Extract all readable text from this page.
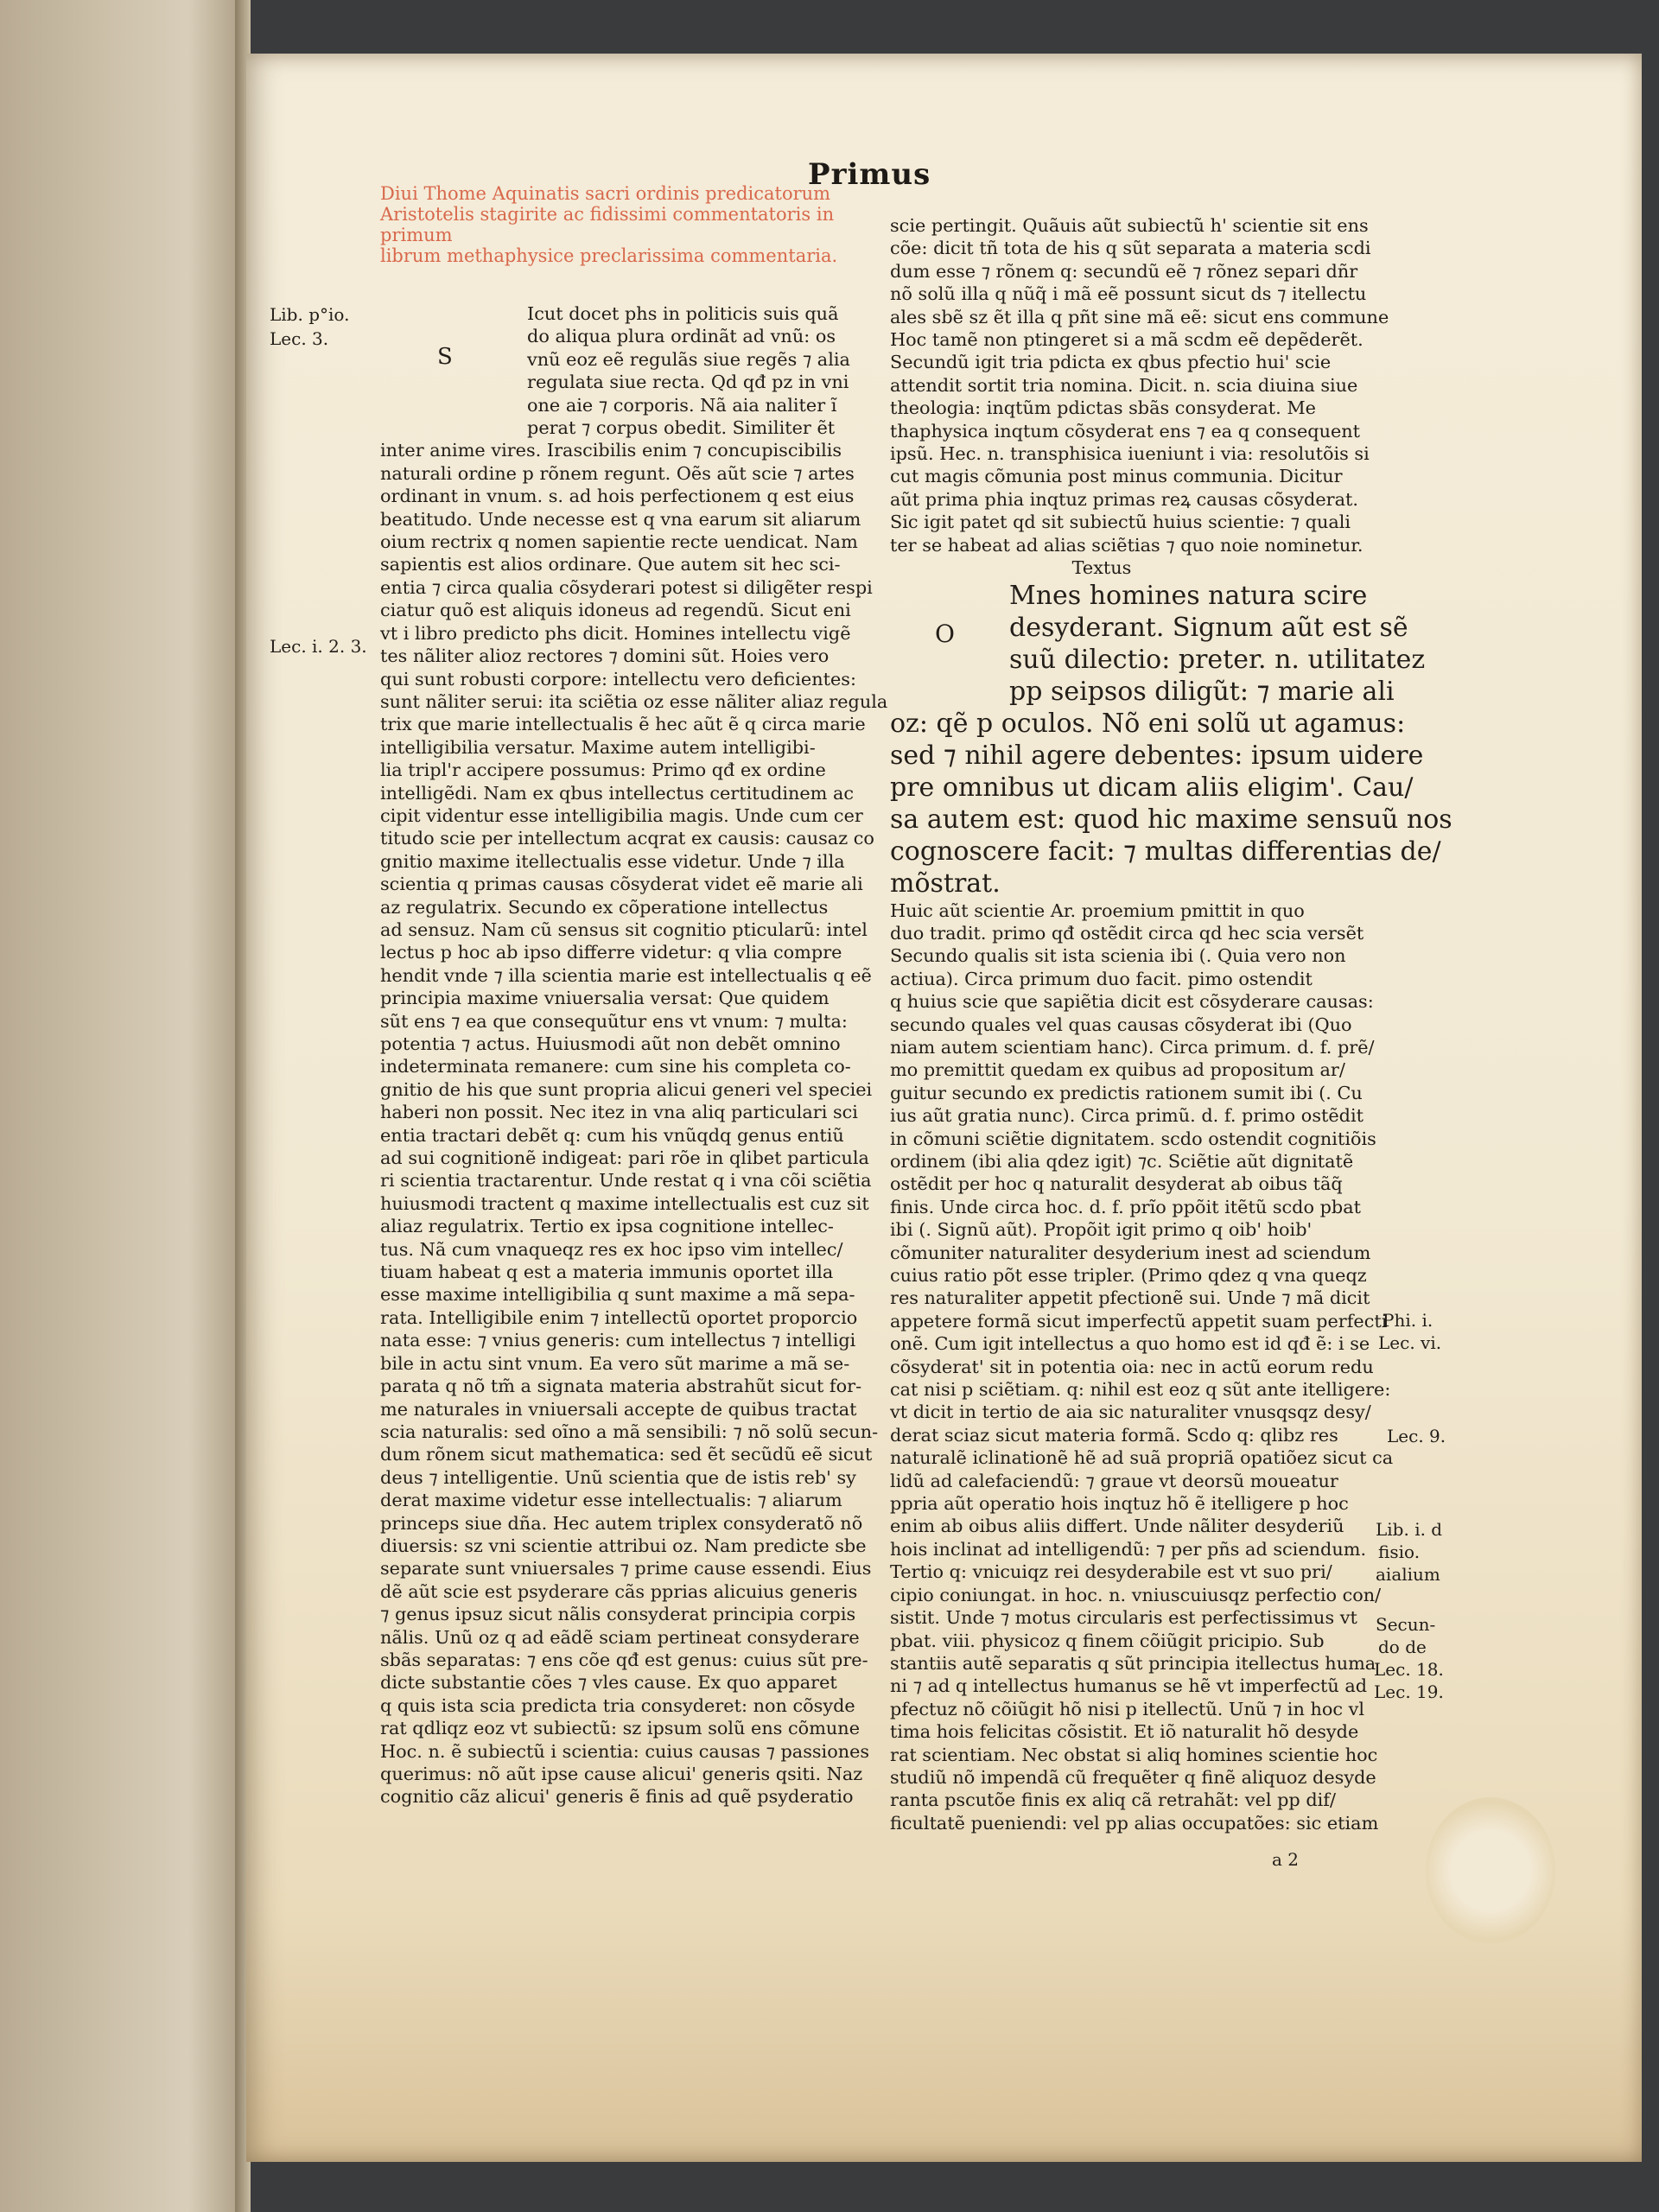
Primus

Diui Thome Aquinatis sacri ordinis predicatorum
Aristotelis stagirite ac fidissimi commentatoris in primum
librum methaphysice preclarissima commentaria.
S
O
Icut docet phs in politicis suis quã
do aliqua plura ordinãt ad vnũ: os
vnũ eoz eẽ regulãs siue regẽs ⁊ alia
regulata siue recta. Qd qđ pz in vni
one aie ⁊ corporis. Nã aia naliter ĩ
perat ⁊ corpus obedit. Similiter ẽt
inter anime vires. Irascibilis enim ⁊ concupiscibilis
naturali ordine p rõnem regunt. Oẽs aũt scie ⁊ artes
ordinant in vnum. s. ad hois perfectionem q est eius
beatitudo. Unde necesse est q vna earum sit aliarum
oium rectrix q nomen sapientie recte uendicat. Nam
sapientis est alios ordinare. Que autem sit hec sci-
entia ⁊ circa qualia cõsyderari potest si diligẽter respi
ciatur quõ est aliquis idoneus ad regendũ. Sicut eni
vt i libro predicto phs dicit. Homines intellectu vigẽ
tes nãliter alioz rectores ⁊ domini sũt. Hoies vero
qui sunt robusti corpore: intellectu vero deficientes:
sunt nãliter serui: ita sciẽtia oz esse nãliter aliaz regula
trix que marie intellectualis ẽ hec aũt ẽ q circa marie
intelligibilia versatur. Maxime autem intelligibi-
lia tripl'r accipere possumus: Primo qđ ex ordine
intelligẽdi. Nam ex qbus intellectus certitudinem ac
cipit videntur esse intelligibilia magis. Unde cum cer
titudo scie per intellectum acqrat ex causis: causaz co
gnitio maxime itellectualis esse videtur. Unde ⁊ illa
scientia q primas causas cõsyderat videt eẽ marie ali
az regulatrix. Secundo ex cõperatione intellectus
ad sensuz. Nam cũ sensus sit cognitio pticularũ: intel
lectus p hoc ab ipso differre videtur: q vlia compre
hendit vnde ⁊ illa scientia marie est intellectualis q eẽ
principia maxime vniuersalia versat: Que quidem
sũt ens ⁊ ea que consequũtur ens vt vnum: ⁊ multa:
potentia ⁊ actus. Huiusmodi aũt non debẽt omnino
indeterminata remanere: cum sine his completa co-
gnitio de his que sunt propria alicui generi vel speciei
haberi non possit. Nec itez in vna aliq particulari sci
entia tractari debẽt q: cum his vnũqdq genus entiũ
ad sui cognitionẽ indigeat: pari rõe in qlibet particula
ri scientia tractarentur. Unde restat q i vna cõi sciẽtia
huiusmodi tractent q maxime intellectualis est cuz sit
aliaz regulatrix. Tertio ex ipsa cognitione intellec-
tus. Nã cum vnaqueqz res ex hoc ipso vim intellec/
tiuam habeat q est a materia immunis oportet illa
esse maxime intelligibilia q sunt maxime a mã sepa-
rata. Intelligibile enim ⁊ intellectũ oportet proporcio
nata esse: ⁊ vnius generis: cum intellectus ⁊ intelligi
bile in actu sint vnum. Ea vero sũt marime a mã se-
parata q nõ tm̃ a signata materia abstrahũt sicut for-
me naturales in vniuersali accepte de quibus tractat
scia naturalis: sed oĩno a mã sensibili: ⁊ nõ solũ secun-
dum rõnem sicut mathematica: sed ẽt secũdũ eẽ sicut
deus ⁊ intelligentie. Unũ scientia que de istis reb' sy
derat maxime videtur esse intellectualis: ⁊ aliarum
princeps siue dña. Hec autem triplex consyderatõ nõ
diuersis: sz vni scientie attribui oz. Nam predicte sbe
separate sunt vniuersales ⁊ prime cause essendi. Eius
dẽ aũt scie est psyderare cãs pprias alicuius generis
⁊ genus ipsuz sicut nãlis consyderat principia corpis
nãlis. Unũ oz q ad eãdẽ sciam pertineat consyderare
sbãs separatas: ⁊ ens cõe qđ est genus: cuius sũt pre-
dicte substantie cões ⁊ vles cause. Ex quo apparet
q quis ista scia predicta tria consyderet: non cõsyde
rat qdliqz eoz vt subiectũ: sz ipsum solũ ens cõmune
Hoc. n. ẽ subiectũ i scientia: cuius causas ⁊ passiones
querimus: nõ aũt ipse cause alicui' generis qsiti. Naz
cognitio cãz alicui' generis ẽ finis ad quẽ psyderatio
scie pertingit. Quãuis aũt subiectũ h' scientie sit ens
cõe: dicit tñ tota de his q sũt separata a materia scdi
dum esse ⁊ rõnem q: secundũ eẽ ⁊ rõnez separi dñr
nõ solũ illa q nũq̃ i mã eẽ possunt sicut ds ⁊ itellectu
ales sbẽ sz ẽt illa q pñt sine mã eẽ: sicut ens commune
Hoc tamẽ non ptingeret si a mã scdm eẽ depẽderẽt.
Secundũ igit tria pdicta ex qbus pfectio hui' scie
attendit sortit tria nomina. Dicit. n. scia diuina siue
theologia: inqtũm pdictas sbãs consyderat. Me
thaphysica inqtum cõsyderat ens ⁊ ea q consequent
ipsũ. Hec. n. transphisica iueniunt i via: resolutõis si
cut magis cõmunia post minus communia. Dicitur
aũt prima phia inqtuz primas reꝝ causas cõsyderat.
Sic igit patet qd sit subiectũ huius scientie: ⁊ quali
ter se habeat ad alias sciẽtias ⁊ quo noie nominetur.
Textus
Mnes homines natura scire
desyderant. Signum aũt est sẽ
suũ dilectio: preter. n. utilitatez
pp seipsos diligũt: ⁊ marie ali
oz: qẽ p oculos. Nõ eni solũ ut agamus:
sed ⁊ nihil agere debentes: ipsum uidere
pre omnibus ut dicam aliis eligim'. Cau/
sa autem est: quod hic maxime sensuũ nos
cognoscere facit: ⁊ multas differentias de/
mõstrat.
Huic aũt scientie Ar. proemium pmittit in quo
duo tradit. primo qđ ostẽdit circa qd hec scia versẽt
Secundo qualis sit ista scienia ibi (. Quia vero non
actiua). Circa primum duo facit. pimo ostendit
q huius scie que sapiẽtia dicit est cõsyderare causas:
secundo quales vel quas causas cõsyderat ibi (Quo
niam autem scientiam hanc). Circa primum. d. f. prẽ/
mo premittit quedam ex quibus ad propositum ar/
guitur secundo ex predictis rationem sumit ibi (. Cu
ius aũt gratia nunc). Circa primũ. d. f. primo ostẽdit
in cõmuni sciẽtie dignitatem. scdo ostendit cognitiõis
ordinem (ibi alia qdez igit) ⁊c. Sciẽtie aũt dignitatẽ
ostẽdit per hoc q naturalit desyderat ab oibus tãq̃
finis. Unde circa hoc. d. f. prĩo ppõit itẽtũ scdo pbat
ibi (. Signũ aũt). Propõit igit primo q oib' hoib'
cõmuniter naturaliter desyderium inest ad sciendum
cuius ratio põt esse tripler. (Primo qdez q vna queqz
res naturaliter appetit pfectionẽ sui. Unde ⁊ mã dicit
appetere formã sicut imperfectũ appetit suam perfecti
onẽ. Cum igit intellectus a quo homo est id qđ ẽ: i se
cõsyderat' sit in potentia oia: nec in actũ eorum redu
cat nisi p sciẽtiam. q: nihil est eoz q sũt ante itelligere:
vt dicit in tertio de aia sic naturaliter vnusqsqz desy/
derat sciaz sicut materia formã. Scdo q: qlibz res
naturalẽ iclinationẽ hẽ ad suã propriã opatiõez sicut ca
lidũ ad calefaciendũ: ⁊ graue vt deorsũ moueatur
ppria aũt operatio hois inqtuz hõ ẽ itelligere p hoc
enim ab oibus aliis differt. Unde nãliter desyderiũ
hois inclinat ad intelligendũ: ⁊ per pñs ad sciendum.
Tertio q: vnicuiqz rei desyderabile est vt suo pri/
cipio coniungat. in hoc. n. vniuscuiusqz perfectio con/
sistit. Unde ⁊ motus circularis est perfectissimus vt
pbat. viii. physicoz q finem cõiũgit pricipio. Sub
stantiis autẽ separatis q sũt principia itellectus huma
ni ⁊ ad q intellectus humanus se hẽ vt imperfectũ ad
pfectuz nõ cõiũgit hõ nisi p itellectũ. Unũ ⁊ in hoc vl
tima hois felicitas cõsistit. Et iõ naturalit hõ desyde
rat scientiam. Nec obstat si aliq homines scientie hoc
studiũ nõ impendã cũ frequẽter q finẽ aliquoz desyde
ranta pscutõe finis ex aliq cã retrahãt: vel pp dif/
ficultatẽ pueniendi: vel pp alias occupatões: sic etiam
Lib. p°io.
Lec. 3.
Lec. i. 2. 3.
Phi. i.
Lec. vi.
Lec. 9.
Lib. i. d
fisio.
aialium
Secun-
do de
Lec. 18.
Lec. 19.
a 2
